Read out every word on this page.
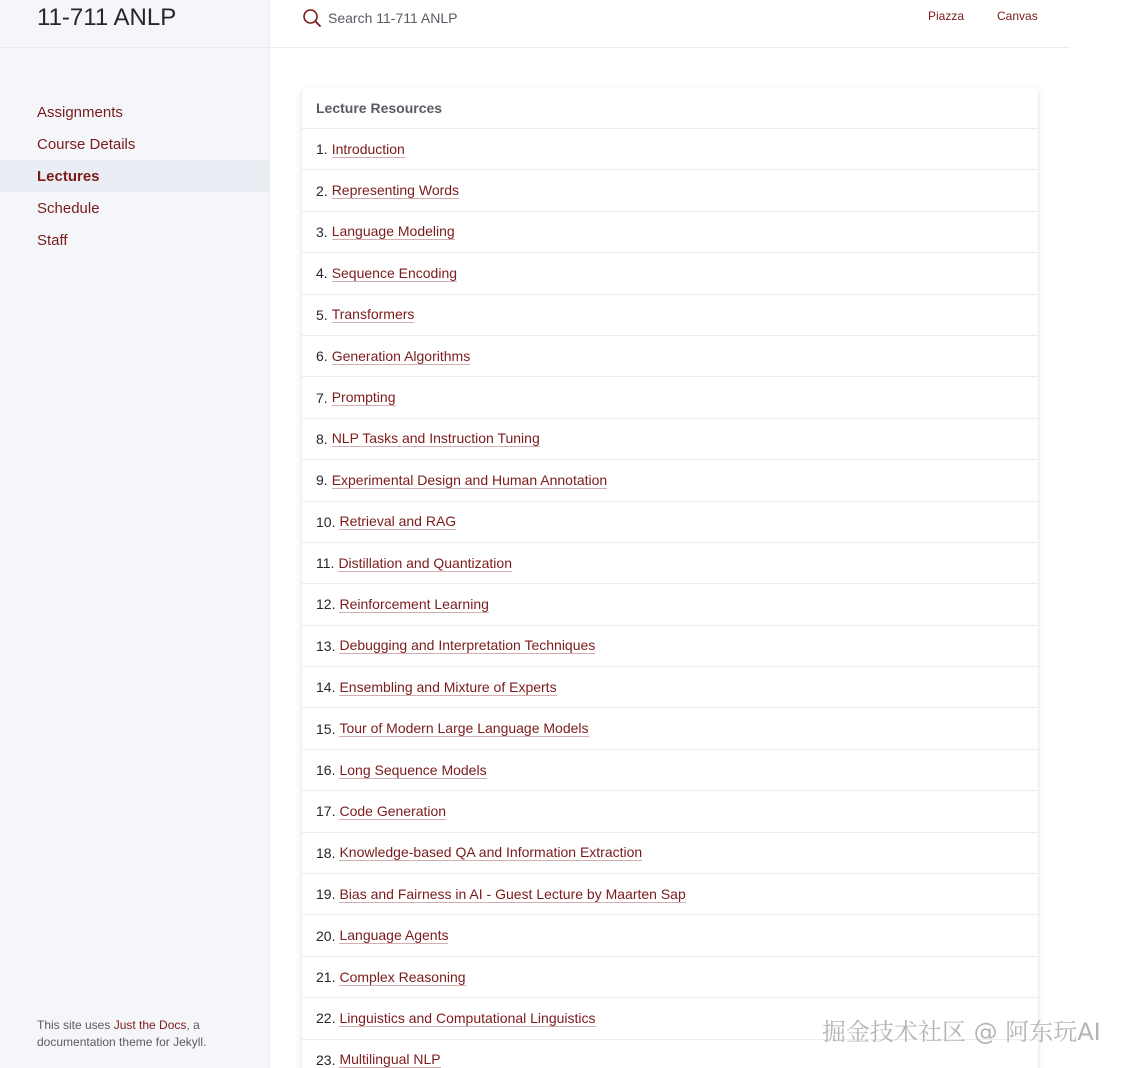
11-711 ANLP
Assignments
Course Details
Lectures
Schedule
Staff
This site uses Just the Docs, a documentation theme for Jekyll.
Search 11-711 ANLP
Piazza	Canvas
Lecture Resources
1. Introduction
2. Representing Words
3. Language Modeling
4. Sequence Encoding
5. Transformers
6. Generation Algorithms
7. Prompting
8. NLP Tasks and Instruction Tuning
9. Experimental Design and Human Annotation
10. Retrieval and RAG
11. Distillation and Quantization
12. Reinforcement Learning
13. Debugging and Interpretation Techniques
14. Ensembling and Mixture of Experts
15. Tour of Modern Large Language Models
16. Long Sequence Models
17. Code Generation
18. Knowledge-based QA and Information Extraction
19. Bias and Fairness in AI - Guest Lecture by Maarten Sap
20. Language Agents
21. Complex Reasoning
22. Linguistics and Computational Linguistics
23. Multilingual NLP
掘金技术社区 @ 阿东玩AI
